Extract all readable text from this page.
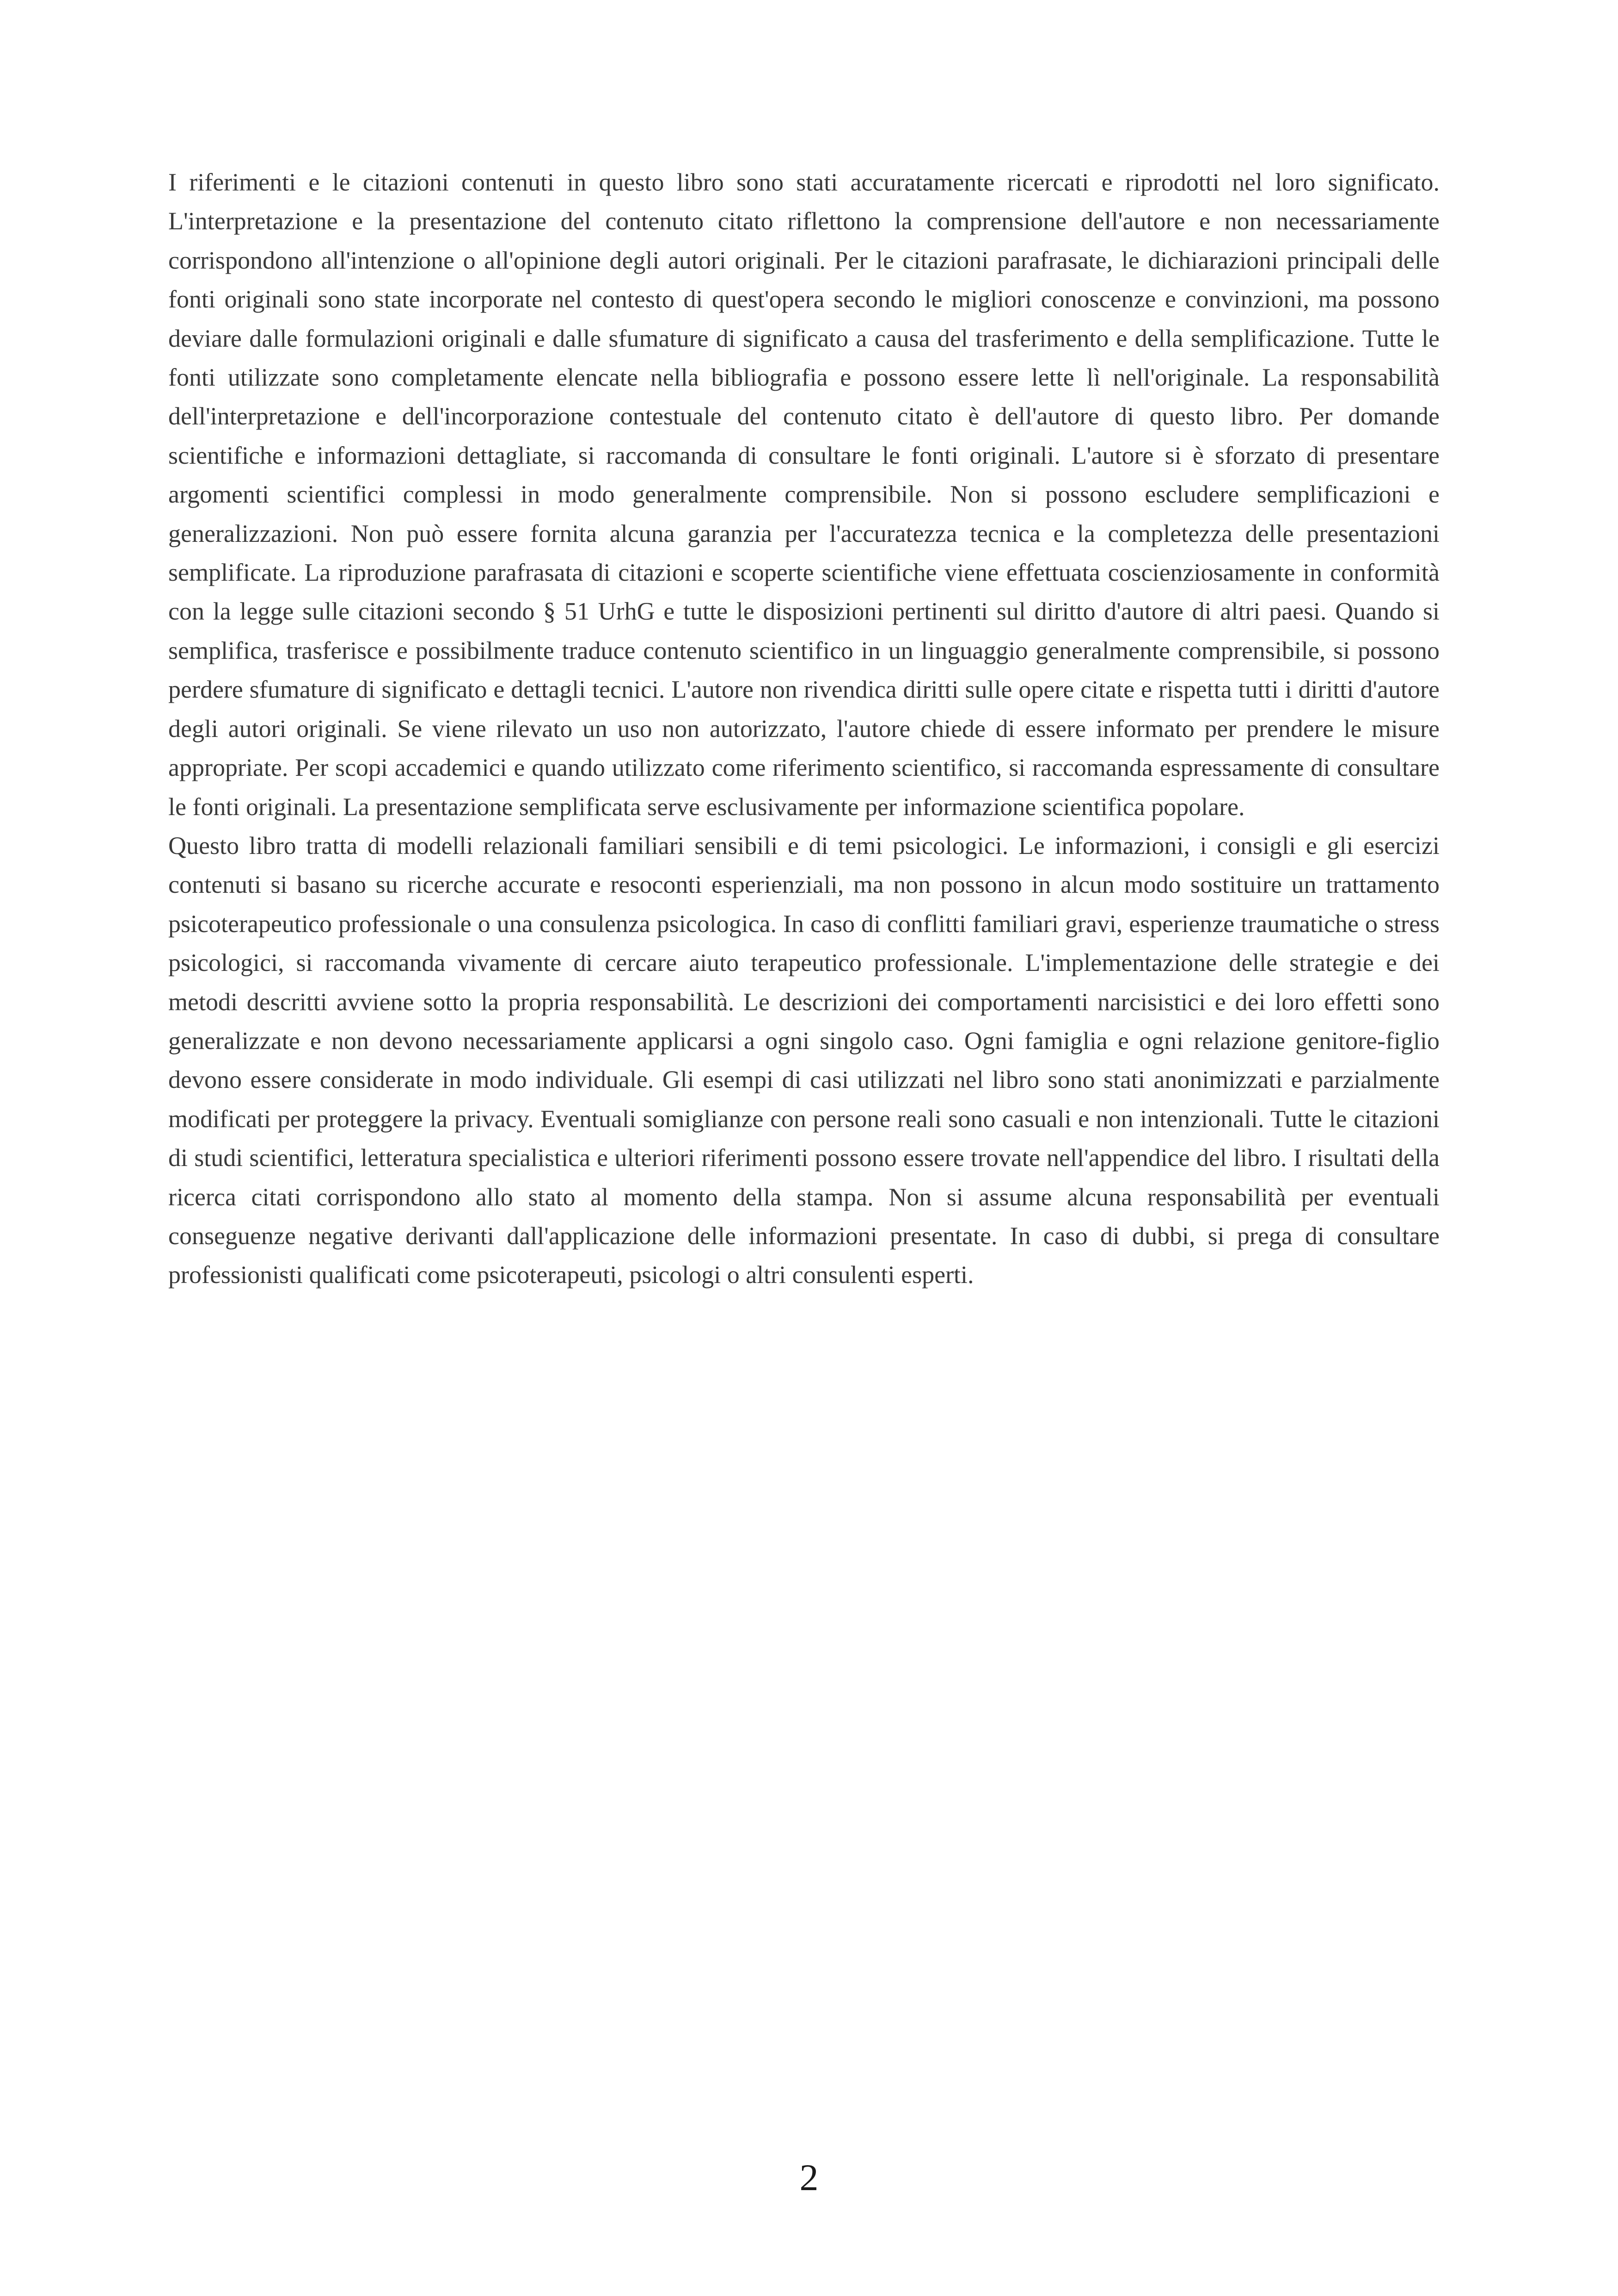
I riferimenti e le citazioni contenuti in questo libro sono stati accuratamente ricercati e riprodotti nel loro significato. L'interpretazione e la presentazione del contenuto citato riflettono la comprensione dell'autore e non necessariamente corrispondono all'intenzione o all'opinione degli autori originali. Per le citazioni parafrasate, le dichiarazioni principali delle fonti originali sono state incorporate nel contesto di quest'opera secondo le migliori conoscenze e convinzioni, ma possono deviare dalle formulazioni originali e dalle sfumature di significato a causa del trasferimento e della semplificazione. Tutte le fonti utilizzate sono completamente elencate nella bibliografia e possono essere lette lì nell'originale. La responsabilità dell'interpretazione e dell'incorporazione contestuale del contenuto citato è dell'autore di questo libro. Per domande scientifiche e informazioni dettagliate, si raccomanda di consultare le fonti originali. L'autore si è sforzato di presentare argomenti scientifici complessi in modo generalmente comprensibile. Non si possono escludere semplificazioni e generalizzazioni. Non può essere fornita alcuna garanzia per l'accuratezza tecnica e la completezza delle presentazioni semplificate. La riproduzione parafrasata di citazioni e scoperte scientifiche viene effettuata coscienziosamente in conformità con la legge sulle citazioni secondo § 51 UrhG e tutte le disposizioni pertinenti sul diritto d'autore di altri paesi. Quando si semplifica, trasferisce e possibilmente traduce contenuto scientifico in un linguaggio generalmente comprensibile, si possono perdere sfumature di significato e dettagli tecnici. L'autore non rivendica diritti sulle opere citate e rispetta tutti i diritti d'autore degli autori originali. Se viene rilevato un uso non autorizzato, l'autore chiede di essere informato per prendere le misure appropriate. Per scopi accademici e quando utilizzato come riferimento scientifico, si raccomanda espressamente di consultare le fonti originali. La presentazione semplificata serve esclusivamente per informazione scientifica popolare.

Questo libro tratta di modelli relazionali familiari sensibili e di temi psicologici. Le informazioni, i consigli e gli esercizi contenuti si basano su ricerche accurate e resoconti esperienziali, ma non possono in alcun modo sostituire un trattamento psicoterapeutico professionale o una consulenza psicologica. In caso di conflitti familiari gravi, esperienze traumatiche o stress psicologici, si raccomanda vivamente di cercare aiuto terapeutico professionale. L'implementazione delle strategie e dei metodi descritti avviene sotto la propria responsabilità. Le descrizioni dei comportamenti narcisistici e dei loro effetti sono generalizzate e non devono necessariamente applicarsi a ogni singolo caso. Ogni famiglia e ogni relazione genitore-figlio devono essere considerate in modo individuale. Gli esempi di casi utilizzati nel libro sono stati anonimizzati e parzialmente modificati per proteggere la privacy. Eventuali somiglianze con persone reali sono casuali e non intenzionali. Tutte le citazioni di studi scientifici, letteratura specialistica e ulteriori riferimenti possono essere trovate nell'appendice del libro. I risultati della ricerca citati corrispondono allo stato al momento della stampa. Non si assume alcuna responsabilità per eventuali conseguenze negative derivanti dall'applicazione delle informazioni presentate. In caso di dubbi, si prega di consultare professionisti qualificati come psicoterapeuti, psicologi o altri consulenti esperti.

2
